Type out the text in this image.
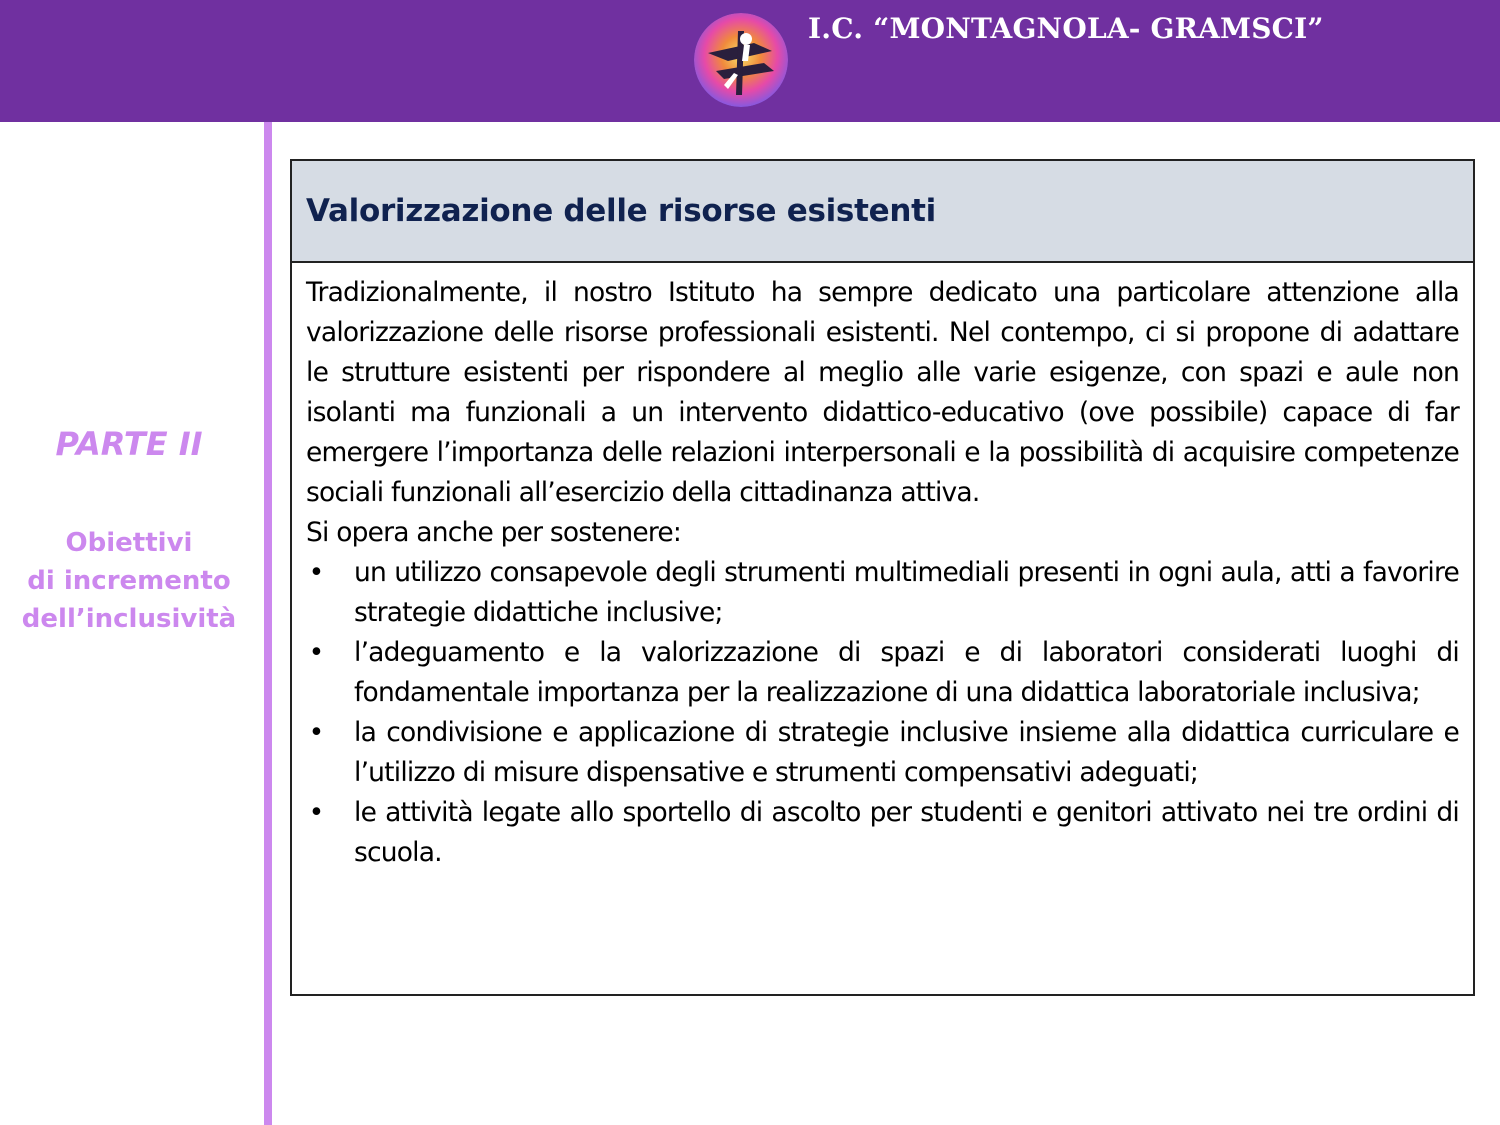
I.C. “MONTAGNOLA- GRAMSCI”
PARTE II
Obiettivi
di incremento
dell’inclusività
Valorizzazione delle risorse esistenti

Tradizionalmente, il nostro Istituto ha sempre dedicato una particolare attenzione alla valorizzazione delle risorse professionali esistenti. Nel contempo, ci si propone di adattare le strutture esistenti per rispondere al meglio alle varie esigenze, con spazi e aule non isolanti ma funzionali a un intervento didattico-educativo (ove possibile) capace di far emergere l’importanza delle relazioni interpersonali e la possibilità di acquisire competenze sociali funzionali all’esercizio della cittadinanza attiva.

Si opera anche per sostenere:

• un utilizzo consapevole degli strumenti multimediali presenti in ogni aula, atti a favorire strategie didattiche inclusive;
• l’adeguamento e la valorizzazione di spazi e di laboratori considerati luoghi di fondamentale importanza per la realizzazione di una didattica laboratoriale inclusiva;
• la condivisione e applicazione di strategie inclusive insieme alla didattica curriculare e l’utilizzo di misure dispensative e strumenti compensativi adeguati;
• le attività legate allo sportello di ascolto per studenti e genitori attivato nei tre ordini di scuola.
